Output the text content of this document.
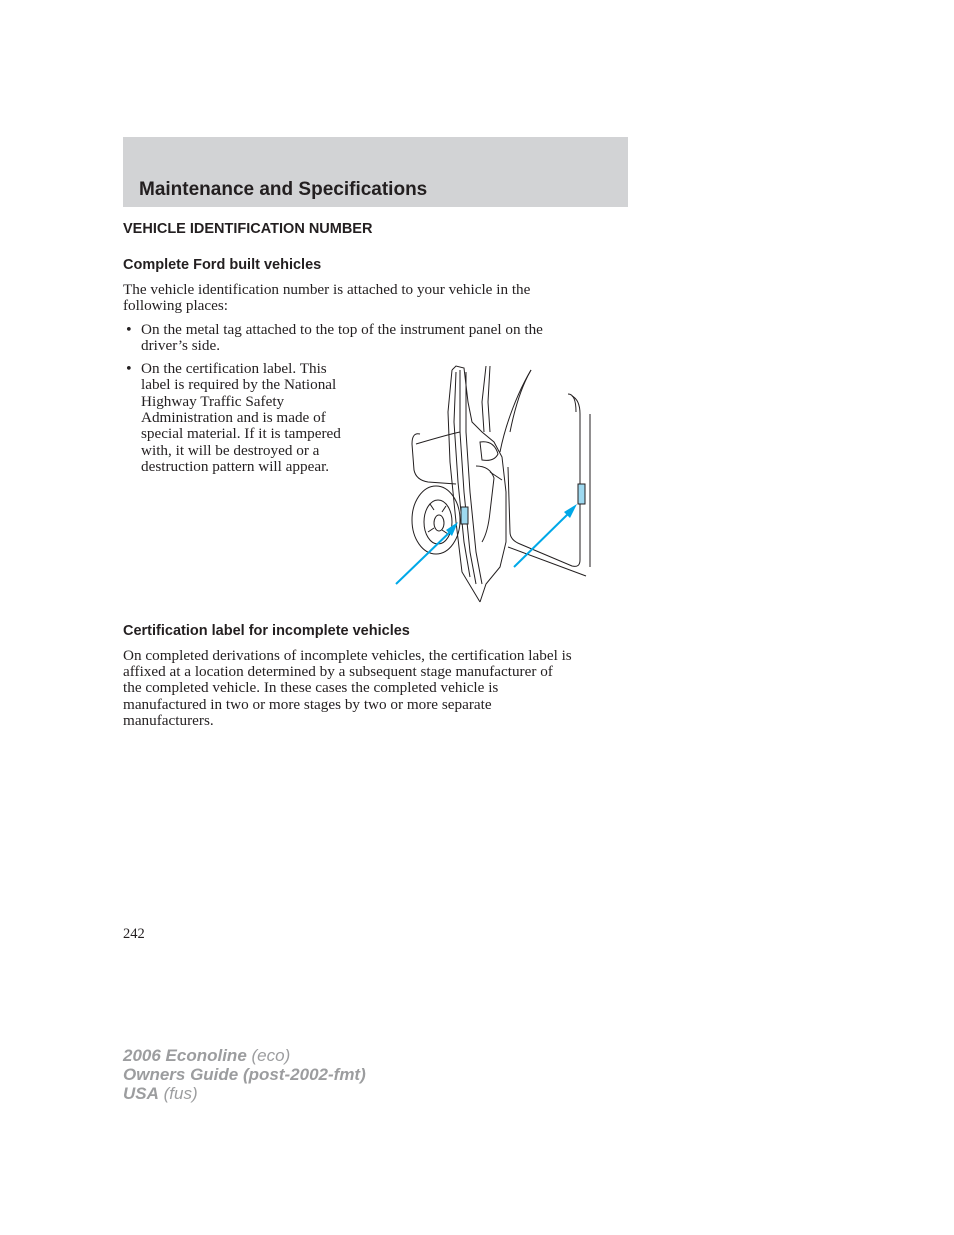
Maintenance and Specifications
VEHICLE IDENTIFICATION NUMBER
Complete Ford built vehicles

The vehicle identification number is attached to your vehicle in the

following places:

• On the metal tag attached to the top of the instrument panel on the

driver’s side.

• On the certification label. This

label is required by the National

Highway Traffic Safety

Administration and is made of

special material. If it is tampered

with, it will be destroyed or a

destruction pattern will appear.

Certification label for incomplete vehicles

On completed derivations of incomplete vehicles, the certification label is

affixed at a location determined by a subsequent stage manufacturer of

the completed vehicle. In these cases the completed vehicle is

manufactured in two or more stages by two or more separate

manufacturers.

242

2006 Econoline (eco)
Owners Guide (post-2002-fmt)
USA (fus)
